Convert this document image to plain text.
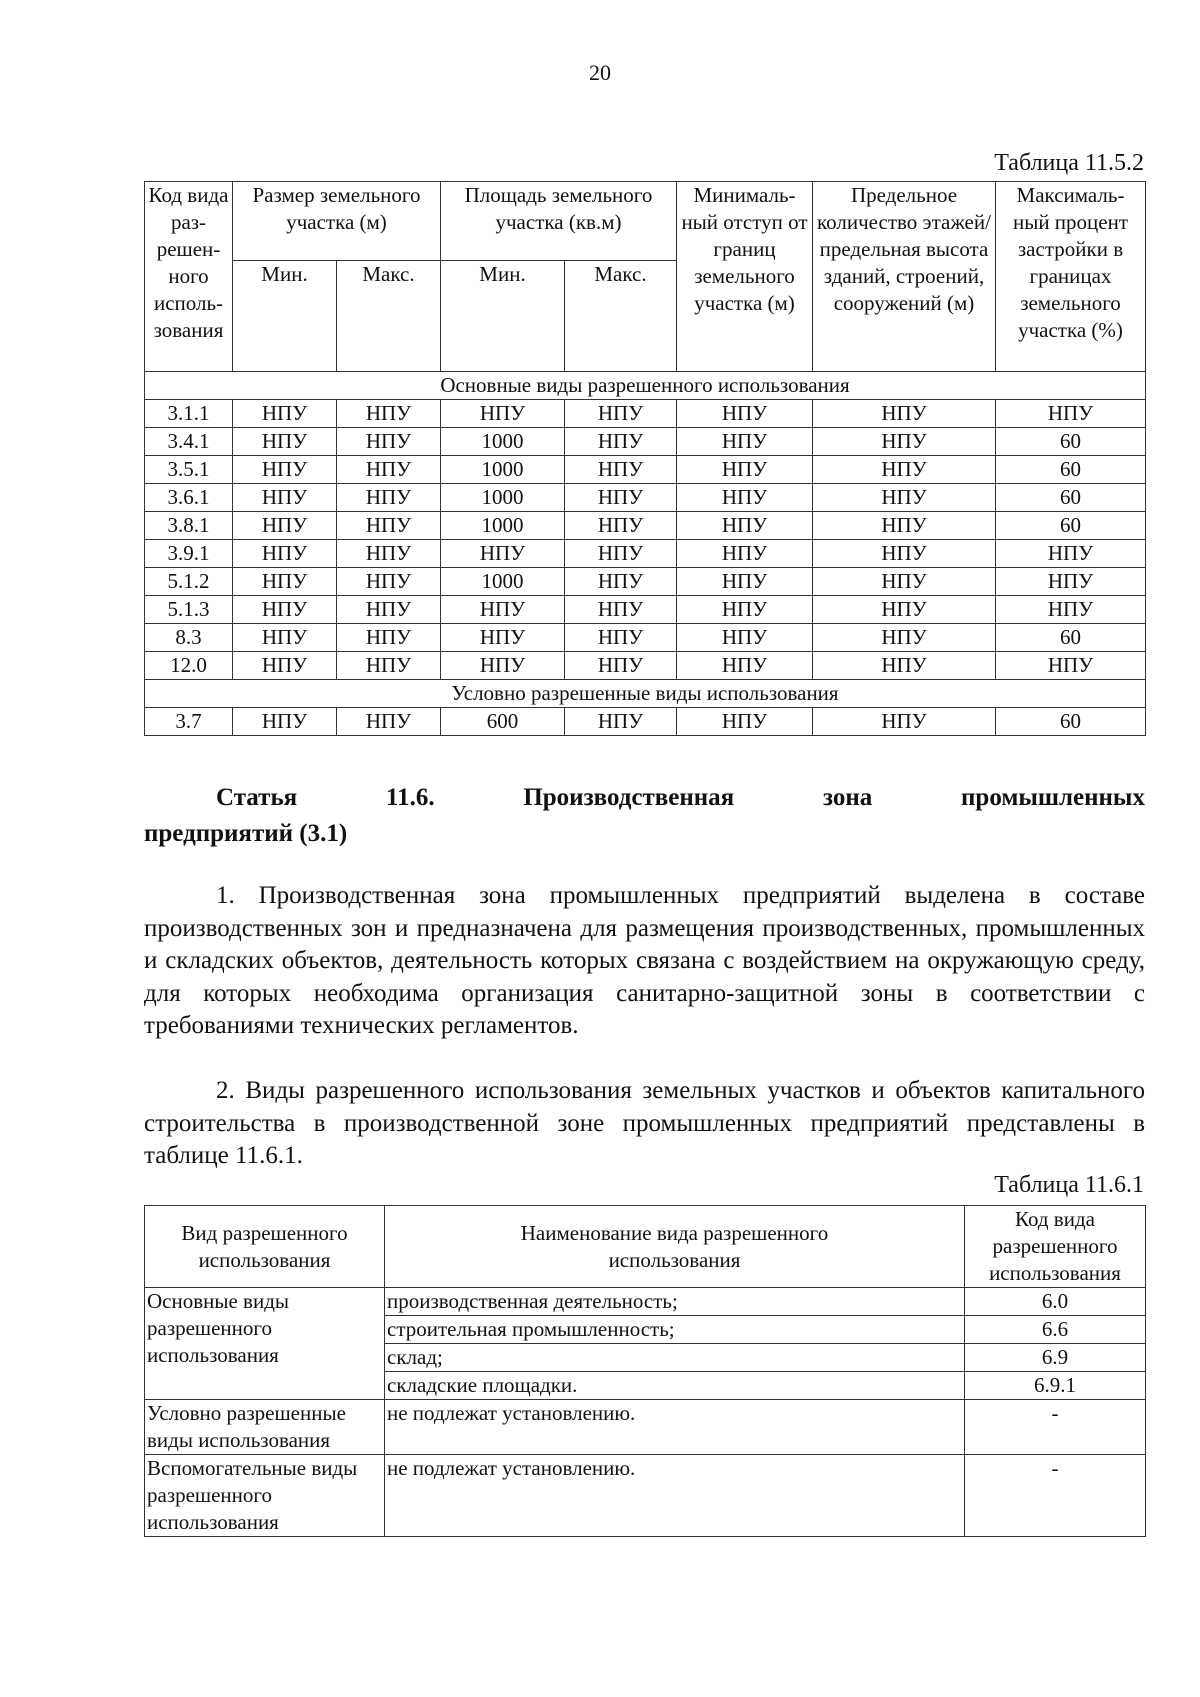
20
Таблица 11.5.2
Код вида раз- решен- ного исполь- зования	Размер земельного участка (м)		Площадь земельного участка (кв.м)		Минималь- ный отступ от границ земельного участка (м)	Предельное количество этажей/ предельная высота зданий, строений, сооружений (м)	Максималь- ный процент застройки в границах земельного участка (%)
	Мин.	Макс.	Мин.	Макс.			
Основные виды разрешенного использования							
3.1.1	НПУ	НПУ	НПУ	НПУ	НПУ	НПУ	НПУ
3.4.1	НПУ	НПУ	1000	НПУ	НПУ	НПУ	60
3.5.1	НПУ	НПУ	1000	НПУ	НПУ	НПУ	60
3.6.1	НПУ	НПУ	1000	НПУ	НПУ	НПУ	60
3.8.1	НПУ	НПУ	1000	НПУ	НПУ	НПУ	60
3.9.1	НПУ	НПУ	НПУ	НПУ	НПУ	НПУ	НПУ
5.1.2	НПУ	НПУ	1000	НПУ	НПУ	НПУ	НПУ
5.1.3	НПУ	НПУ	НПУ	НПУ	НПУ	НПУ	НПУ
8.3	НПУ	НПУ	НПУ	НПУ	НПУ	НПУ	60
12.0	НПУ	НПУ	НПУ	НПУ	НПУ	НПУ	НПУ
Условно разрешенные виды использования							
3.7	НПУ	НПУ	600	НПУ	НПУ	НПУ	60
Статья	11.6.	Производственная	зона	промышленных
предприятий (3.1)
1. Производственная зона промышленных предприятий выделена в составе производственных зон и предназначена для размещения производственных, промышленных и складских объектов, деятельность которых связана с воздействием на окружающую среду, для которых необходима организация санитарно-защитной зоны в соответствии с требованиями технических регламентов.
2. Виды разрешенного использования земельных участков и объектов капитального строительства в производственной зоне промышленных предприятий представлены в таблице 11.6.1.
Таблица 11.6.1
Вид разрешенного использования	Наименование вида разрешенного использования	Код вида разрешенного использования
Основные виды разрешенного использования	производственная деятельность;	6.0
	строительная промышленность;	6.6
	склад;	6.9
	складские площадки.	6.9.1
Условно разрешенные виды использования	не подлежат установлению.	-
Вспомогательные виды разрешенного использования	не подлежат установлению.	-
